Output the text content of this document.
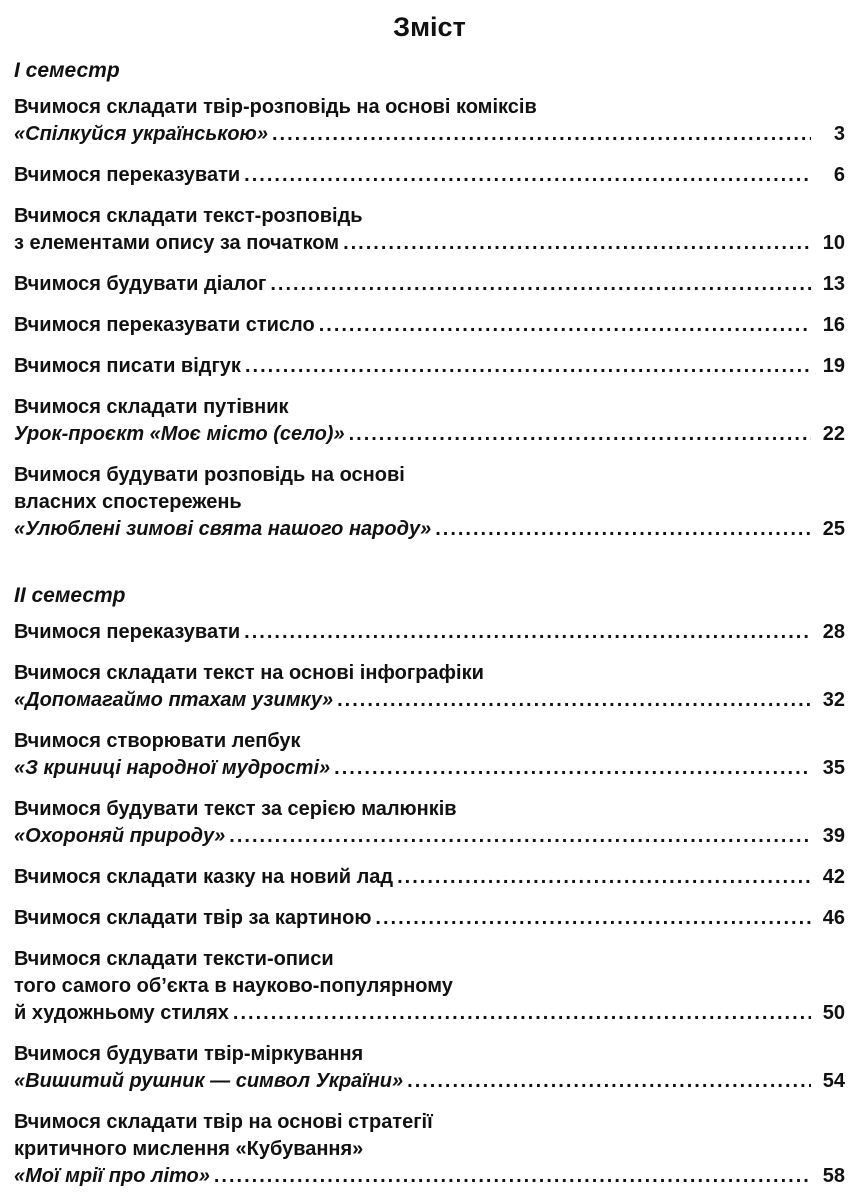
Зміст
І семестр
Вчимося складати твір-розповідь на основі коміксів
«Спілкуйся українською» .....	3
Вчимося переказувати .....	6
Вчимося складати текст-розповідь
з елементами опису за початком .....	10
Вчимося будувати діалог .....	13
Вчимося переказувати стисло .....	16
Вчимося писати відгук .....	19
Вчимося складати путівник
Урок-проєкт «Моє місто (село)» .....	22
Вчимося будувати розповідь на основі
власних спостережень
«Улюблені зимові свята нашого народу» .....	25
ІІ семестр
Вчимося переказувати .....	28
Вчимося складати текст на основі інфографіки
«Допомагаймо птахам узимку» .....	32
Вчимося створювати лепбук
«З криниці народної мудрості» .....	35
Вчимося будувати текст за серією малюнків
«Охороняй природу» .....	39
Вчимося складати казку на новий лад .....	42
Вчимося складати твір за картиною .....	46
Вчимося складати тексти-описи
того самого об’єкта в науково-популярному
й художньому стилях .....	50
Вчимося будувати твір-міркування
«Вишитий рушник — символ України» .....	54
Вчимося складати твір на основі стратегії
критичного мислення «Кубування»
«Мої мрії про літо» .....	58
